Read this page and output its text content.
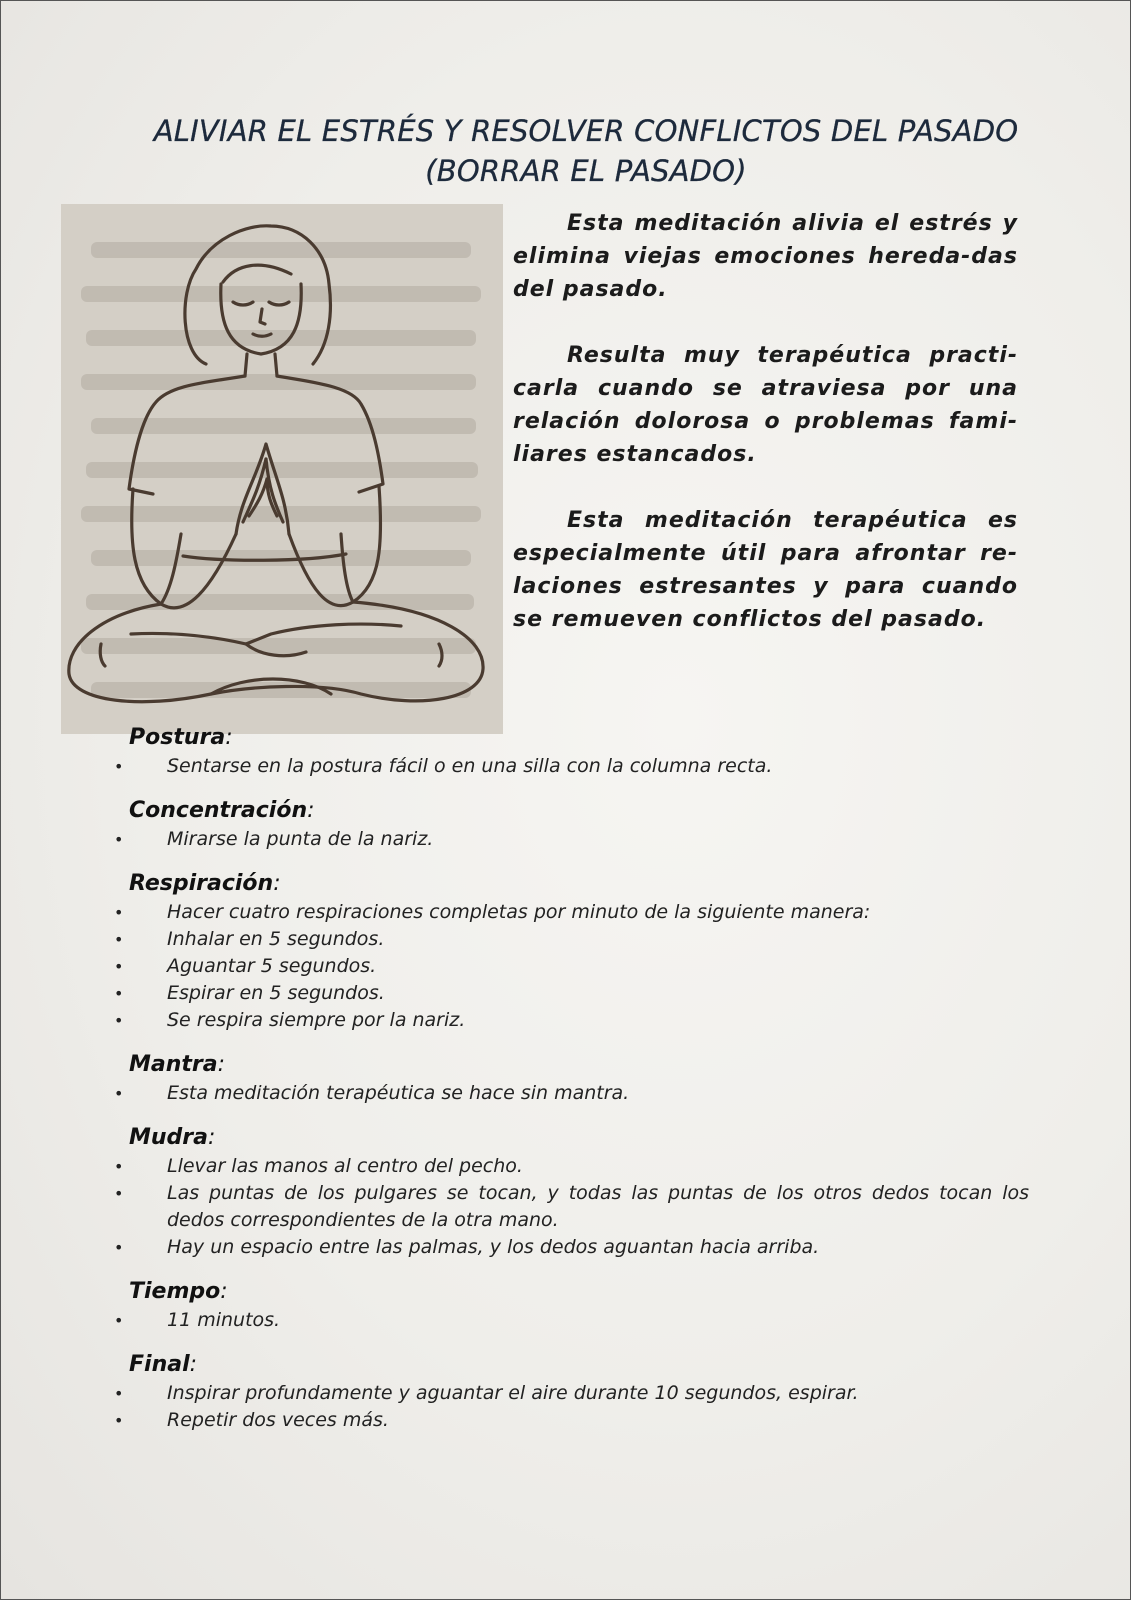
ALIVIAR EL ESTRÉS Y RESOLVER CONFLICTOS DEL PASADO
(BORRAR EL PASADO)

Esta meditación alivia el estrés y elimina viejas emociones hereda-das del pasado.

Resulta muy terapéutica practi-carla cuando se atraviesa por una relación dolorosa o problemas fami-liares estancados.

Esta meditación terapéutica es especialmente útil para afrontar re-laciones estresantes y para cuando se remueven conflictos del pasado.

Postura:
• Sentarse en la postura fácil o en una silla con la columna recta.
Concentración:
• Mirarse la punta de la nariz.
Respiración:
• Hacer cuatro respiraciones completas por minuto de la siguiente manera:
• Inhalar en 5 segundos.
• Aguantar 5 segundos.
• Espirar en 5 segundos.
• Se respira siempre por la nariz.
Mantra:
• Esta meditación terapéutica se hace sin mantra.
Mudra:
• Llevar las manos al centro del pecho.
• Las puntas de los pulgares se tocan, y todas las puntas de los otros dedos tocan los dedos correspondientes de la otra mano.
• Hay un espacio entre las palmas, y los dedos aguantan hacia arriba.
Tiempo:
• 11 minutos.
Final:
• Inspirar profundamente y aguantar el aire durante 10 segundos, espirar.
• Repetir dos veces más.
